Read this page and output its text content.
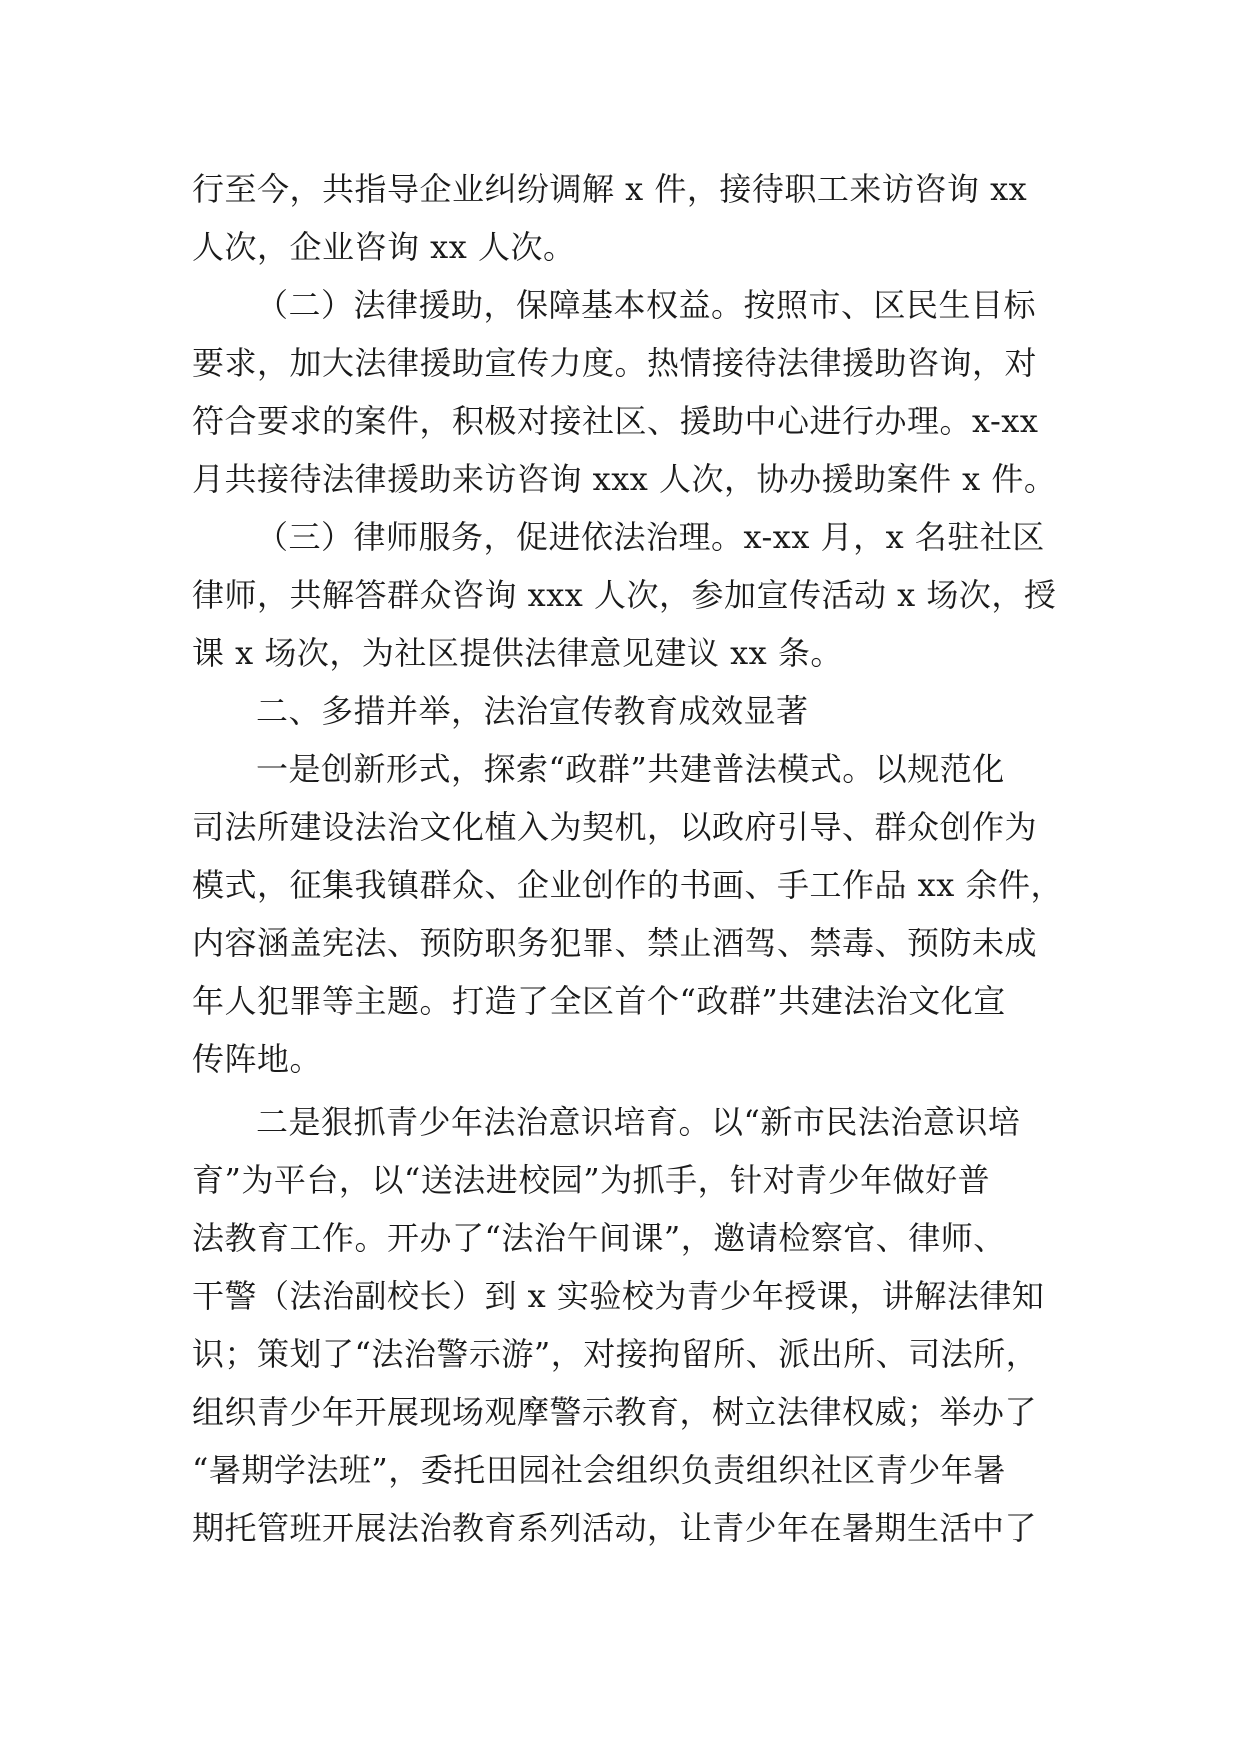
行至今，共指导企业纠纷调解 x 件，接待职工来访咨询 xx
人次，企业咨询 xx 人次。
（二）法律援助，保障基本权益。按照市、区民生目标
要求，加大法律援助宣传力度。热情接待法律援助咨询，对
符合要求的案件，积极对接社区、援助中心进行办理。x-xx
月共接待法律援助来访咨询 xxx 人次，协办援助案件 x 件。
（三）律师服务，促进依法治理。x-xx 月，x 名驻社区
律师，共解答群众咨询 xxx 人次，参加宣传活动 x 场次，授
课 x 场次，为社区提供法律意见建议 xx 条。
二、多措并举，法治宣传教育成效显著
一是创新形式，探索“政群”共建普法模式。以规范化
司法所建设法治文化植入为契机，以政府引导、群众创作为
模式，征集我镇群众、企业创作的书画、手工作品 xx 余件，
内容涵盖宪法、预防职务犯罪、禁止酒驾、禁毒、预防未成
年人犯罪等主题。打造了全区首个“政群”共建法治文化宣
传阵地。
二是狠抓青少年法治意识培育。以“新市民法治意识培
育”为平台，以“送法进校园”为抓手，针对青少年做好普
法教育工作。开办了“法治午间课”，邀请检察官、律师、
干警（法治副校长）到 x 实验校为青少年授课，讲解法律知
识；策划了“法治警示游”，对接拘留所、派出所、司法所，
组织青少年开展现场观摩警示教育，树立法律权威；举办了
“暑期学法班”，委托田园社会组织负责组织社区青少年暑
期托管班开展法治教育系列活动，让青少年在暑期生活中了
